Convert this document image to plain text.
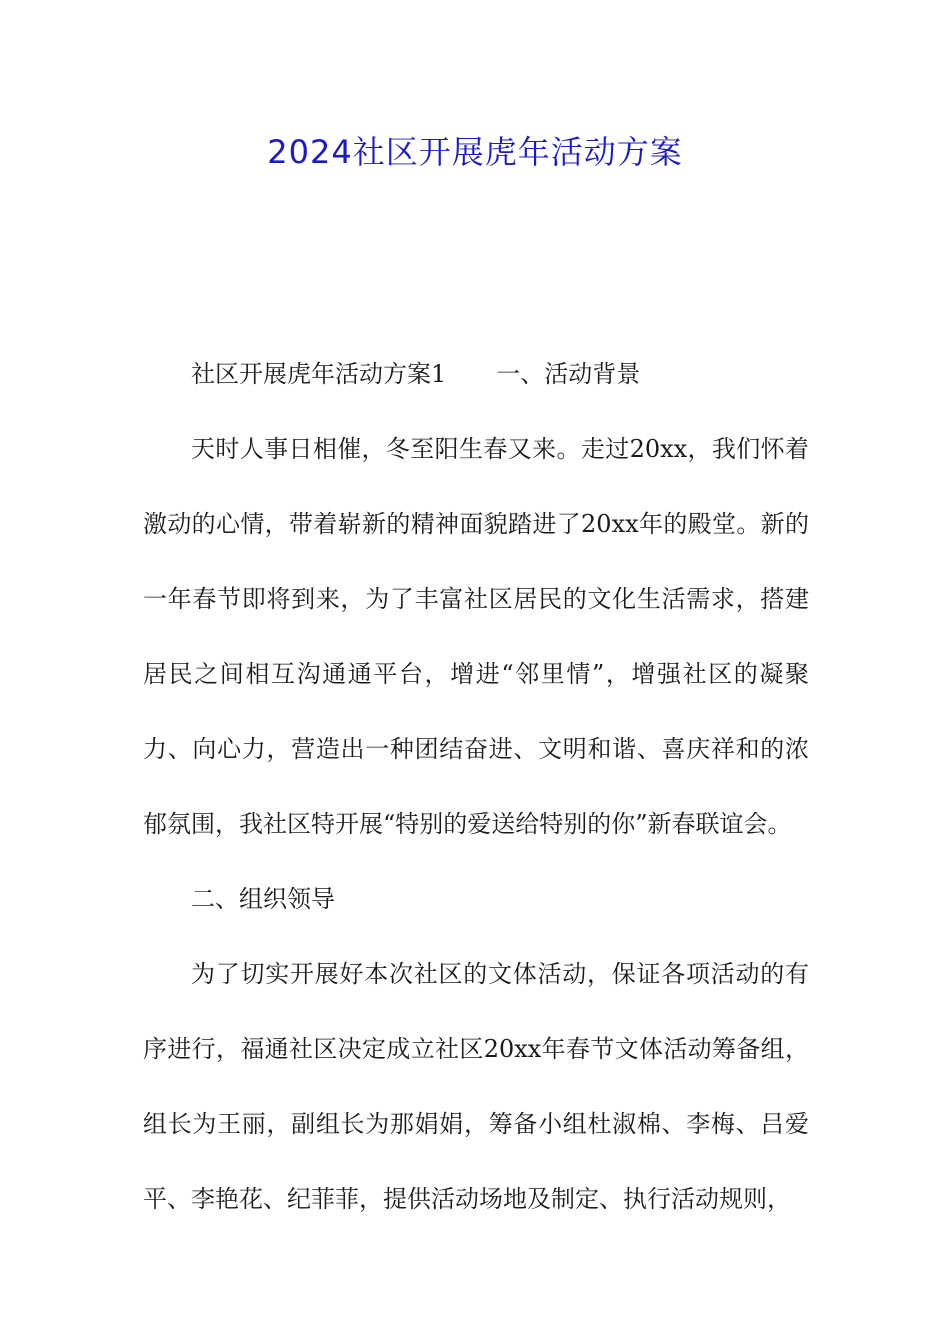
2024社区开展虎年活动方案

社区开展虎年活动方案1 一、活动背景

天时人事日相催，冬至阳生春又来。走过20xx，我们怀着激动的心情，带着崭新的精神面貌踏进了20xx年的殿堂。新的一年春节即将到来，为了丰富社区居民的文化生活需求，搭建居民之间相互沟通通平台，增进“邻里情”，增强社区的凝聚力、向心力，营造出一种团结奋进、文明和谐、喜庆祥和的浓郁氛围，我社区特开展“特别的爱送给特别的你”新春联谊会。

二、组织领导

为了切实开展好本次社区的文体活动，保证各项活动的有序进行，福通社区决定成立社区20xx年春节文体活动筹备组，组长为王丽，副组长为那娟娟，筹备小组杜淑棉、李梅、吕爱平、李艳花、纪菲菲，提供活动场地及制定、执行活动规则，
